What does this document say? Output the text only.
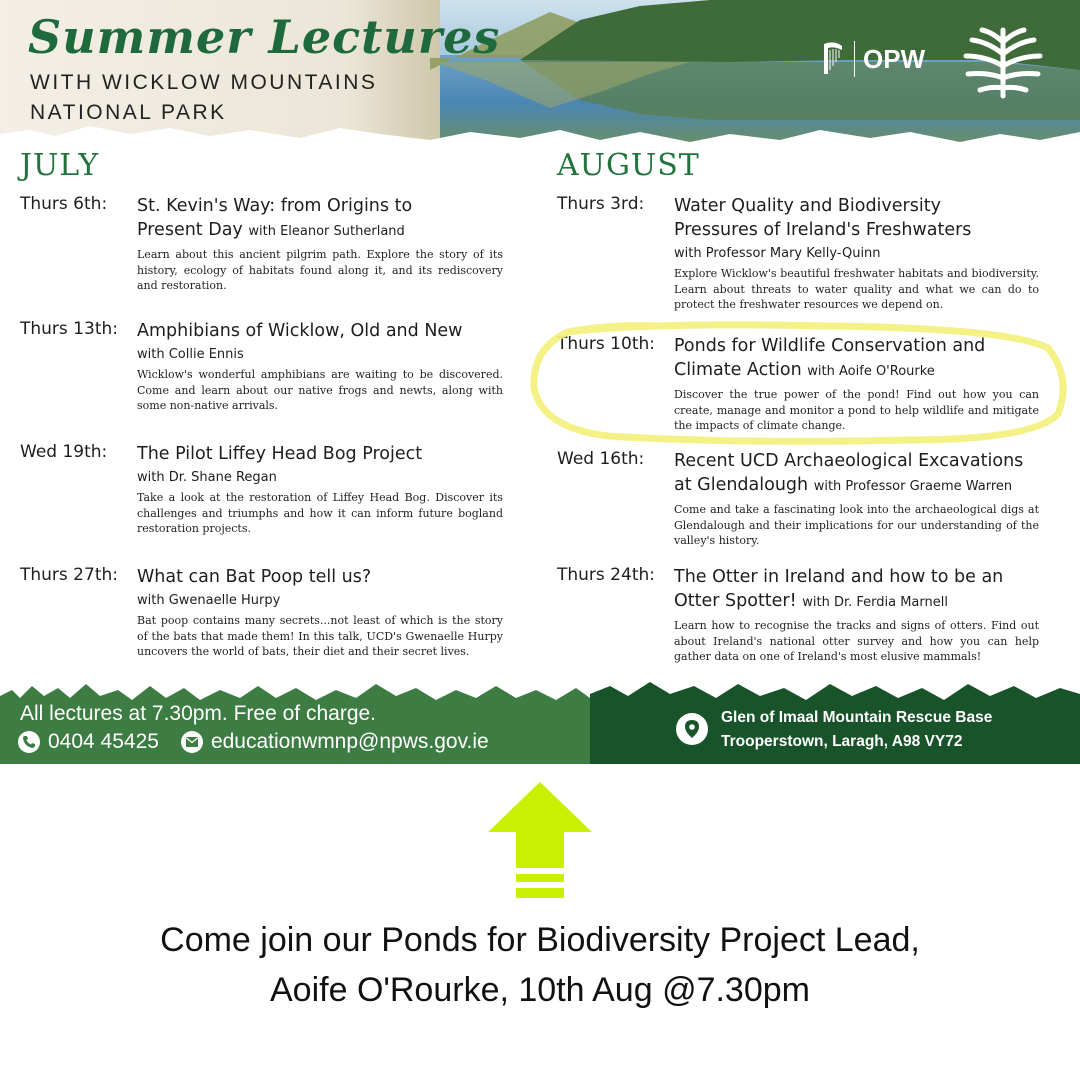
Summer Lectures
WITH WICKLOW MOUNTAINS
NATIONAL PARK
OPW
JULY
Thurs 6th: St. Kevin's Way: from Origins to
Present Day with Eleanor Sutherland
Learn about this ancient pilgrim path. Explore the story of its history, ecology of habitats found along it, and its rediscovery and restoration.
Thurs 13th: Amphibians of Wicklow, Old and New
with Collie Ennis
Wicklow's wonderful amphibians are waiting to be discovered. Come and learn about our native frogs and newts, along with some non-native arrivals.
Wed 19th: The Pilot Liffey Head Bog Project
with Dr. Shane Regan
Take a look at the restoration of Liffey Head Bog. Discover its challenges and triumphs and how it can inform future bogland restoration projects.
Thurs 27th: What can Bat Poop tell us?
with Gwenaelle Hurpy
Bat poop contains many secrets...not least of which is the story of the bats that made them! In this talk, UCD's Gwenaelle Hurpy uncovers the world of bats, their diet and their secret lives.
AUGUST
Thurs 3rd: Water Quality and Biodiversity
Pressures of Ireland's Freshwaters
with Professor Mary Kelly-Quinn
Explore Wicklow's beautiful freshwater habitats and biodiversity. Learn about threats to water quality and what we can do to protect the freshwater resources we depend on.
Thurs 10th: Ponds for Wildlife Conservation and
Climate Action with Aoife O'Rourke
Discover the true power of the pond! Find out how you can create, manage and monitor a pond to help wildlife and mitigate the impacts of climate change.
Wed 16th: Recent UCD Archaeological Excavations
at Glendalough with Professor Graeme Warren
Come and take a fascinating look into the archaeological digs at Glendalough and their implications for our understanding of the valley's history.
Thurs 24th: The Otter in Ireland and how to be an
Otter Spotter! with Dr. Ferdia Marnell
Learn how to recognise the tracks and signs of otters. Find out about Ireland's national otter survey and how you can help gather data on one of Ireland's most elusive mammals!
All lectures at 7.30pm. Free of charge.
0404 45425 educationwmnp@npws.gov.ie
Glen of Imaal Mountain Rescue Base
Trooperstown, Laragh, A98 VY72
Come join our Ponds for Biodiversity Project Lead,
Aoife O'Rourke, 10th Aug @7.30pm
